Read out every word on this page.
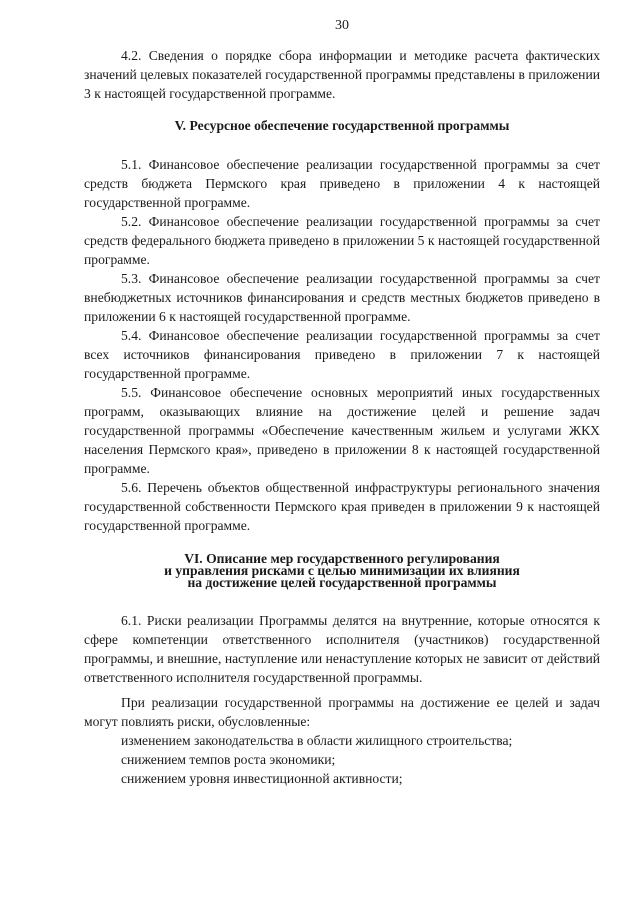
30

4.2. Сведения о порядке сбора информации и методике расчета фактических значений целевых показателей государственной программы представлены в приложении 3 к настоящей государственной программе.

V. Ресурсное обеспечение государственной программы

5.1. Финансовое обеспечение реализации государственной программы за счет средств бюджета Пермского края приведено в приложении 4 к настоящей государственной программе.

5.2. Финансовое обеспечение реализации государственной программы за счет средств федерального бюджета приведено в приложении 5 к настоящей государственной программе.

5.3. Финансовое обеспечение реализации государственной программы за счет внебюджетных источников финансирования и средств местных бюджетов приведено в приложении 6 к настоящей государственной программе.

5.4. Финансовое обеспечение реализации государственной программы за счет всех источников финансирования приведено в приложении 7 к настоящей государственной программе.

5.5. Финансовое обеспечение основных мероприятий иных государственных программ, оказывающих влияние на достижение целей и решение задач государственной программы «Обеспечение качественным жильем и услугами ЖКХ населения Пермского края», приведено в приложении 8 к настоящей государственной программе.

5.6. Перечень объектов общественной инфраструктуры регионального значения государственной собственности Пермского края приведен в приложении 9 к настоящей государственной программе.

VI. Описание мер государственного регулирования
и управления рисками с целью минимизации их влияния
на достижение целей государственной программы

6.1. Риски реализации Программы делятся на внутренние, которые относятся к сфере компетенции ответственного исполнителя (участников) государственной программы, и внешние, наступление или ненаступление которых не зависит от действий ответственного исполнителя государственной программы.

При реализации государственной программы на достижение ее целей и задач могут повлиять риски, обусловленные:

изменением законодательства в области жилищного строительства;

снижением темпов роста экономики;

снижением уровня инвестиционной активности;
